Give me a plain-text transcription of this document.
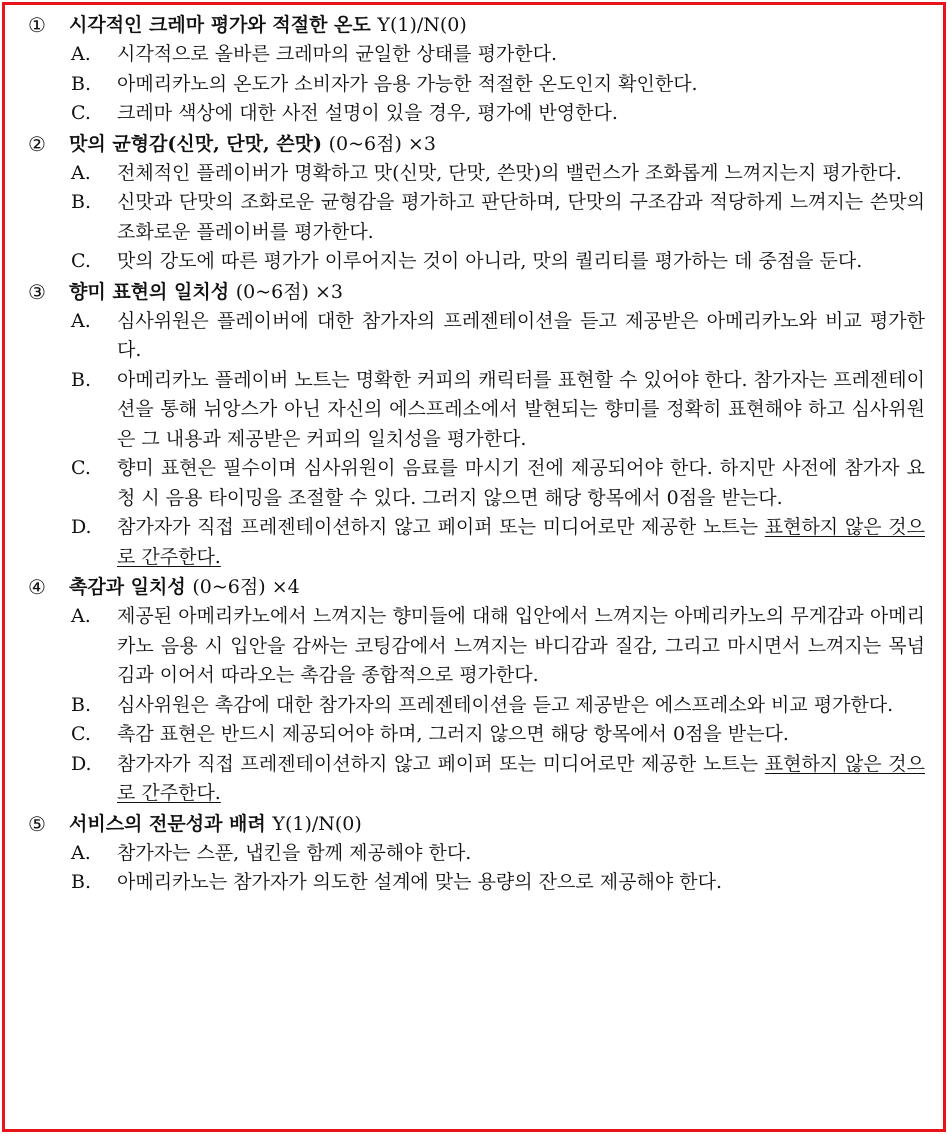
①	시각적인 크레마 평가와 적절한 온도 Y(1)/N(0)
A.	시각적으로 올바른 크레마의 균일한 상태를 평가한다.
B.	아메리카노의 온도가 소비자가 음용 가능한 적절한 온도인지 확인한다.
C.	크레마 색상에 대한 사전 설명이 있을 경우, 평가에 반영한다.
②	맛의 균형감(신맛, 단맛, 쓴맛) (0~6점) ×3
A.	전체적인 플레이버가 명확하고 맛(신맛, 단맛, 쓴맛)의 밸런스가 조화롭게 느껴지는지 평가한다.
B.	신맛과 단맛의 조화로운 균형감을 평가하고 판단하며, 단맛의 구조감과 적당하게 느껴지는 쓴맛의 조화로운 플레이버를 평가한다.
C.	맛의 강도에 따른 평가가 이루어지는 것이 아니라, 맛의 퀄리티를 평가하는 데 중점을 둔다.
③	향미 표현의 일치성 (0~6점) ×3
A.	심사위원은 플레이버에 대한 참가자의 프레젠테이션을 듣고 제공받은 아메리카노와 비교 평가한다.
B.	아메리카노 플레이버 노트는 명확한 커피의 캐릭터를 표현할 수 있어야 한다. 참가자는 프레젠테이션을 통해 뉘앙스가 아닌 자신의 에스프레소에서 발현되는 향미를 정확히 표현해야 하고 심사위원은 그 내용과 제공받은 커피의 일치성을 평가한다.
C.	향미 표현은 필수이며 심사위원이 음료를 마시기 전에 제공되어야 한다. 하지만 사전에 참가자 요청 시 음용 타이밍을 조절할 수 있다. 그러지 않으면 해당 항목에서 0점을 받는다.
D.	참가자가 직접 프레젠테이션하지 않고 페이퍼 또는 미디어로만 제공한 노트는 표현하지 않은 것으로 간주한다.
④	촉감과 일치성 (0~6점) ×4
A.	제공된 아메리카노에서 느껴지는 향미들에 대해 입안에서 느껴지는 아메리카노의 무게감과 아메리카노 음용 시 입안을 감싸는 코팅감에서 느껴지는 바디감과 질감, 그리고 마시면서 느껴지는 목넘김과 이어서 따라오는 촉감을 종합적으로 평가한다.
B.	심사위원은 촉감에 대한 참가자의 프레젠테이션을 듣고 제공받은 에스프레소와 비교 평가한다.
C.	촉감 표현은 반드시 제공되어야 하며, 그러지 않으면 해당 항목에서 0점을 받는다.
D.	참가자가 직접 프레젠테이션하지 않고 페이퍼 또는 미디어로만 제공한 노트는 표현하지 않은 것으로 간주한다.
⑤	서비스의 전문성과 배려 Y(1)/N(0)
A.	참가자는 스푼, 냅킨을 함께 제공해야 한다.
B.	아메리카노는 참가자가 의도한 설계에 맞는 용량의 잔으로 제공해야 한다.
